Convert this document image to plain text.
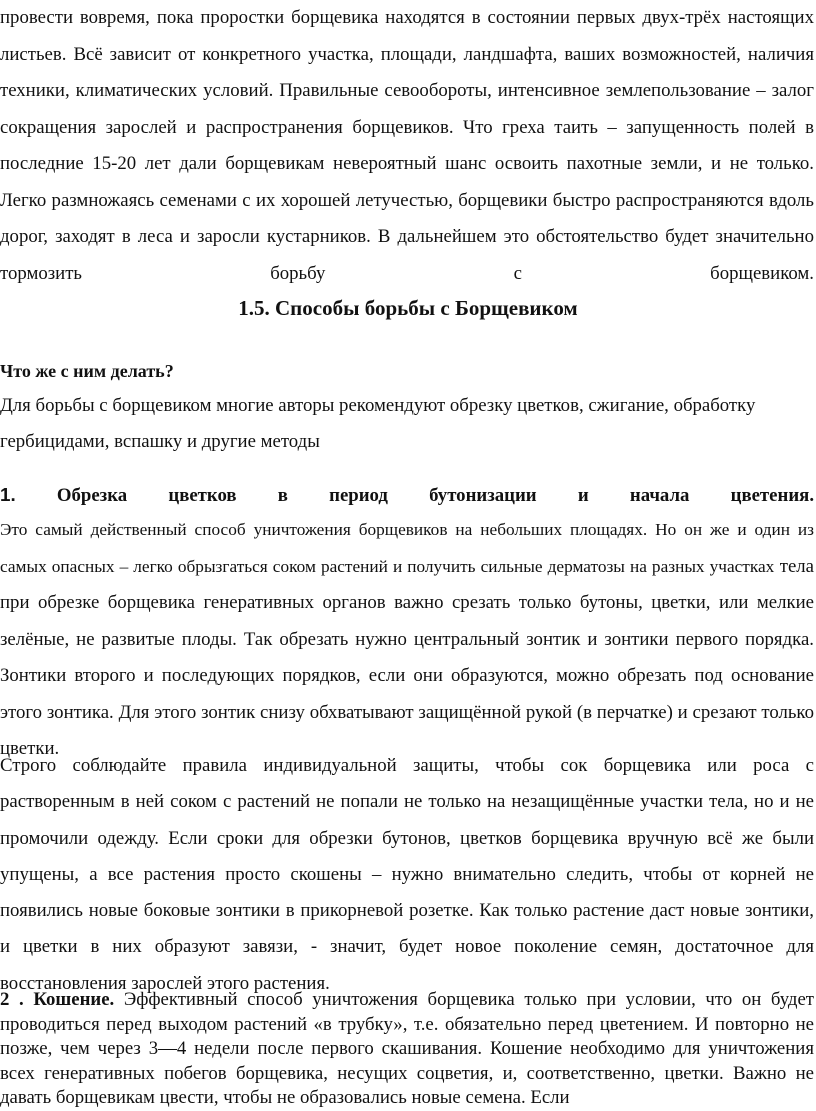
провести вовремя, пока проростки борщевика находятся в состоянии первых двух-трёх настоящих листьев. Всё зависит от конкретного участка, площади, ландшафта, ваших возможностей, наличия техники, климатических условий. Правильные севообороты, интенсивное землепользование – залог сокращения зарослей и распространения борщевиков. Что греха таить – запущенность полей в последние 15-20 лет дали борщевикам невероятный шанс освоить пахотные земли, и не только. Легко размножаясь семенами с их хорошей летучестью, борщевики быстро распространяются вдоль дорог, заходят в леса и заросли кустарников. В дальнейшем это обстоятельство будет значительно тормозить борьбу с борщевиком.

1.5. Способы борьбы с Борщевиком

Что же с ним делать?

Для борьбы с борщевиком многие авторы рекомендуют обрезку цветков, сжигание, обработку гербицидами, вспашку и другие методы

1. Обрезка цветков в период бутонизации и начала цветения.

Это самый действенный способ уничтожения борщевиков на небольших площадях. Но он же и один из самых опасных – легко обрызгаться соком растений и получить сильные дерматозы на разных участках тела при обрезке борщевика генеративных органов важно срезать только бутоны, цветки, или мелкие зелёные, не развитые плоды. Так обрезать нужно центральный зонтик и зонтики первого порядка. Зонтики второго и последующих порядков, если они образуются, можно обрезать под основание этого зонтика. Для этого зонтик снизу обхватывают защищённой рукой (в перчатке) и срезают только цветки.

Строго соблюдайте правила индивидуальной защиты, чтобы сок борщевика или роса с растворенным в ней соком с растений не попали не только на незащищённые участки тела, но и не промочили одежду. Если сроки для обрезки бутонов, цветков борщевика вручную всё же были упущены, а все растения просто скошены – нужно внимательно следить, чтобы от корней не появились новые боковые зонтики в прикорневой розетке. Как только растение даст новые зонтики, и цветки в них образуют завязи, - значит, будет новое поколение семян, достаточное для восстановления зарослей этого растения.

2 . Кошение. Эффективный способ уничтожения борщевика только при условии, что он будет проводиться перед выходом растений «в трубку», т.е. обязательно перед цветением. И повторно не позже, чем через 3—4 недели после первого скашивания. Кошение необходимо для уничтожения всех генеративных побегов борщевика, несущих соцветия, и, соответственно, цветки. Важно не давать борщевикам цвести, чтобы не образовались новые семена. Если
